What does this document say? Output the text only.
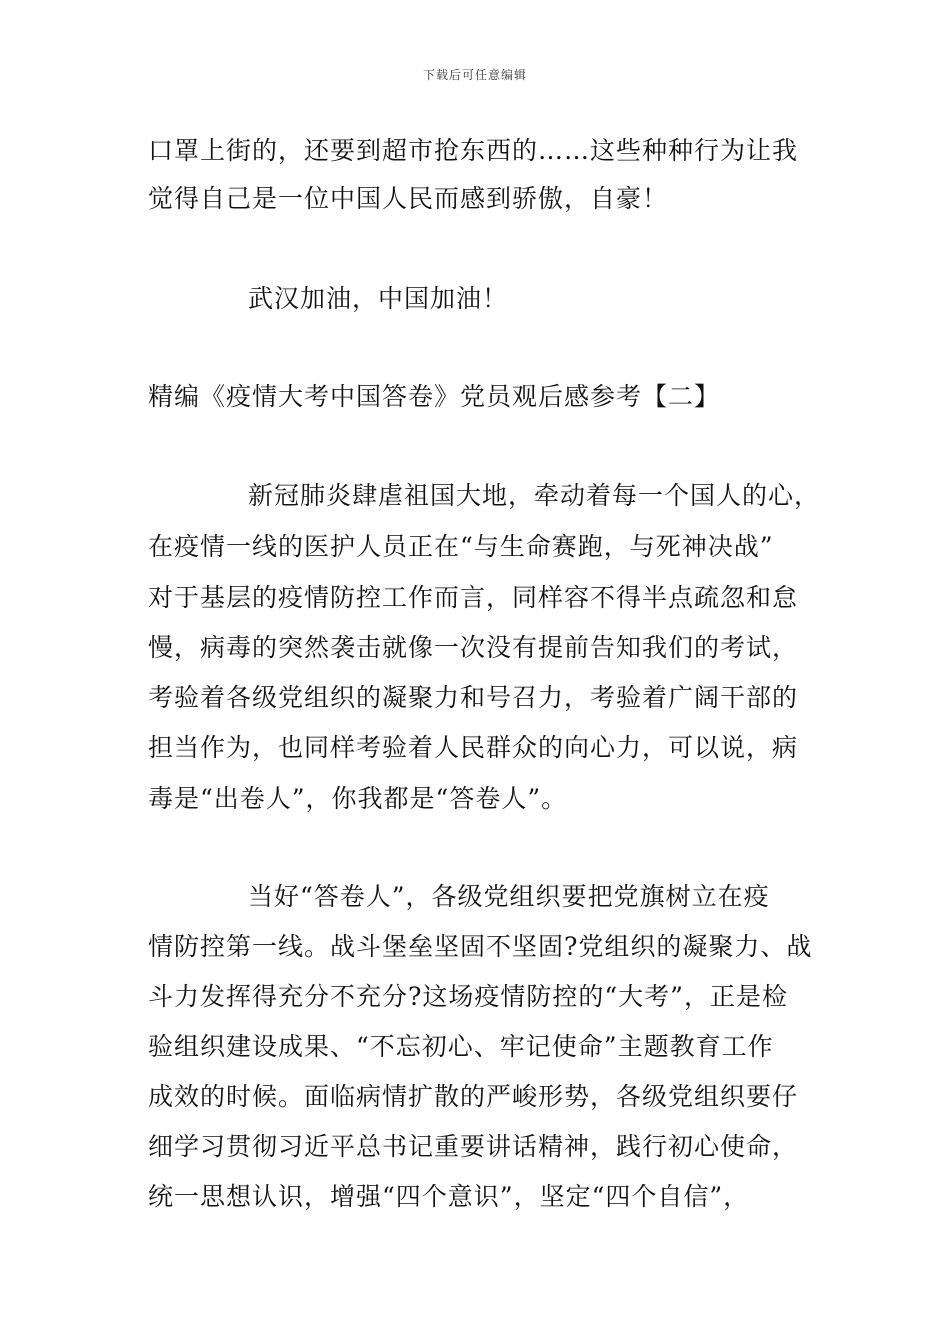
下载后可任意编辑
口罩上街的，还要到超市抢东西的……这些种种行为让我
觉得自己是一位中国人民而感到骄傲，自豪！
武汉加油，中国加油！
精编《疫情大考中国答卷》党员观后感参考【二】
新冠肺炎肆虐祖国大地，牵动着每一个国人的心，
在疫情一线的医护人员正在“与生命赛跑，与死神决战”
对于基层的疫情防控工作而言，同样容不得半点疏忽和怠
慢，病毒的突然袭击就像一次没有提前告知我们的考试，
考验着各级党组织的凝聚力和号召力，考验着广阔干部的
担当作为，也同样考验着人民群众的向心力，可以说，病
毒是“出卷人”，你我都是“答卷人”。
当好“答卷人”，各级党组织要把党旗树立在疫
情防控第一线。战斗堡垒坚固不坚固?党组织的凝聚力、战
斗力发挥得充分不充分?这场疫情防控的“大考”，正是检
验组织建设成果、“不忘初心、牢记使命”主题教育工作
成效的时候。面临病情扩散的严峻形势，各级党组织要仔
细学习贯彻习近平总书记重要讲话精神，践行初心使命，
统一思想认识，增强“四个意识”，坚定“四个自信”，
